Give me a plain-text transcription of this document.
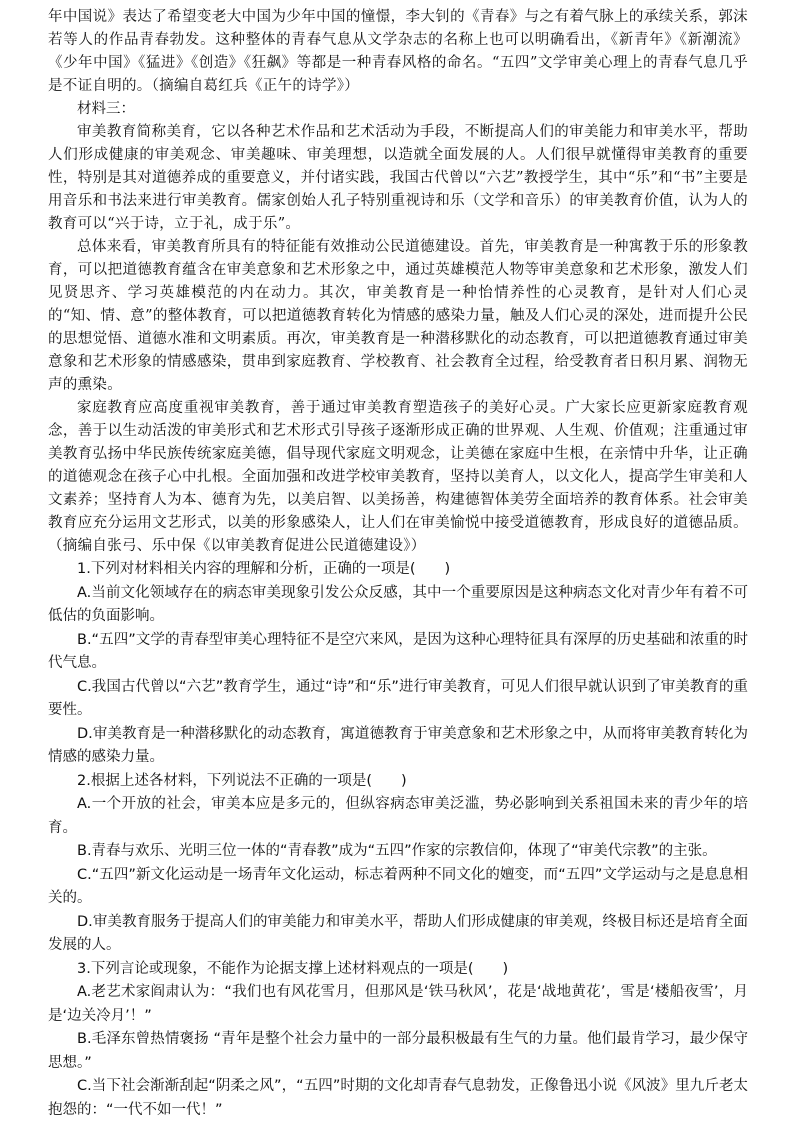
年中国说》表达了希望变老大中国为少年中国的憧憬，李大钊的《青春》与之有着气脉上的承续关系，郭沫若等人的作品青春勃发。这种整体的青春气息从文学杂志的名称上也可以明确看出，《新青年》《新潮流》《少年中国》《猛进》《创造》《狂飙》等都是一种青春风格的命名。“五四”文学审美心理上的青春气息几乎是不证自明的。（摘编自葛红兵《正午的诗学》）

材料三：

审美教育简称美育，它以各种艺术作品和艺术活动为手段，不断提高人们的审美能力和审美水平，帮助人们形成健康的审美观念、审美趣味、审美理想，以造就全面发展的人。人们很早就懂得审美教育的重要性，特别是其对道德养成的重要意义，并付诸实践，我国古代曾以“六艺”教授学生，其中“乐”和“书”主要是用音乐和书法来进行审美教育。儒家创始人孔子特别重视诗和乐（文学和音乐）的审美教育价值，认为人的教育可以“兴于诗，立于礼，成于乐”。

总体来看，审美教育所具有的特征能有效推动公民道德建设。首先，审美教育是一种寓教于乐的形象教育，可以把道德教育蕴含在审美意象和艺术形象之中，通过英雄模范人物等审美意象和艺术形象，激发人们见贤思齐、学习英雄模范的内在动力。其次，审美教育是一种怡情养性的心灵教育，是针对人们心灵的“知、情、意”的整体教育，可以把道德教育转化为情感的感染力量，触及人们心灵的深处，进而提升公民的思想觉悟、道德水准和文明素质。再次，审美教育是一种潜移默化的动态教育，可以把道德教育通过审美意象和艺术形象的情感感染，贯串到家庭教育、学校教育、社会教育全过程，给受教育者日积月累、润物无声的熏染。

家庭教育应高度重视审美教育，善于通过审美教育塑造孩子的美好心灵。广大家长应更新家庭教育观念，善于以生动活泼的审美形式和艺术形式引导孩子逐渐形成正确的世界观、人生观、价值观；注重通过审美教育弘扬中华民族传统家庭美德，倡导现代家庭文明观念，让美德在家庭中生根，在亲情中升华，让正确的道德观念在孩子心中扎根。全面加强和改进学校审美教育，坚持以美育人，以文化人，提高学生审美和人文素养；坚持育人为本、德育为先，以美启智、以美扬善，构建德智体美劳全面培养的教育体系。社会审美教育应充分运用文艺形式，以美的形象感染人，让人们在审美愉悦中接受道德教育，形成良好的道德品质。（摘编自张弓、乐中保《以审美教育促进公民道德建设》）

1.下列对材料相关内容的理解和分析，正确的一项是(　　)

A.当前文化领域存在的病态审美现象引发公众反感，其中一个重要原因是这种病态文化对青少年有着不可低估的负面影响。

B.“五四”文学的青春型审美心理特征不是空穴来风，是因为这种心理特征具有深厚的历史基础和浓重的时代气息。

C.我国古代曾以“六艺”教育学生，通过“诗”和“乐”进行审美教育，可见人们很早就认识到了审美教育的重要性。

D.审美教育是一种潜移默化的动态教育，寓道德教育于审美意象和艺术形象之中，从而将审美教育转化为情感的感染力量。

2.根据上述各材料，下列说法不正确的一项是(　　)

A.一个开放的社会，审美本应是多元的，但纵容病态审美泛滥，势必影响到关系祖国未来的青少年的培育。

B.青春与欢乐、光明三位一体的“青春教”成为“五四”作家的宗教信仰，体现了“审美代宗教”的主张。

C.“五四”新文化运动是一场青年文化运动，标志着两种不同文化的嬗变，而“五四”文学运动与之是息息相关的。

D.审美教育服务于提高人们的审美能力和审美水平，帮助人们形成健康的审美观，终极目标还是培育全面发展的人。

3.下列言论或现象，不能作为论据支撑上述材料观点的一项是(　　)

A.老艺术家阎肃认为：“我们也有风花雪月，但那风是‘铁马秋风’，花是‘战地黄花’，雪是‘楼船夜雪’，月是‘边关冷月’！”

B.毛泽东曾热情褒扬 “青年是整个社会力量中的一部分最积极最有生气的力量。他们最肯学习，最少保守思想。”

C.当下社会渐渐刮起“阴柔之风”，“五四”时期的文化却青春气息勃发，正像鲁迅小说《风波》里九斤老太抱怨的：“一代不如一代！”
